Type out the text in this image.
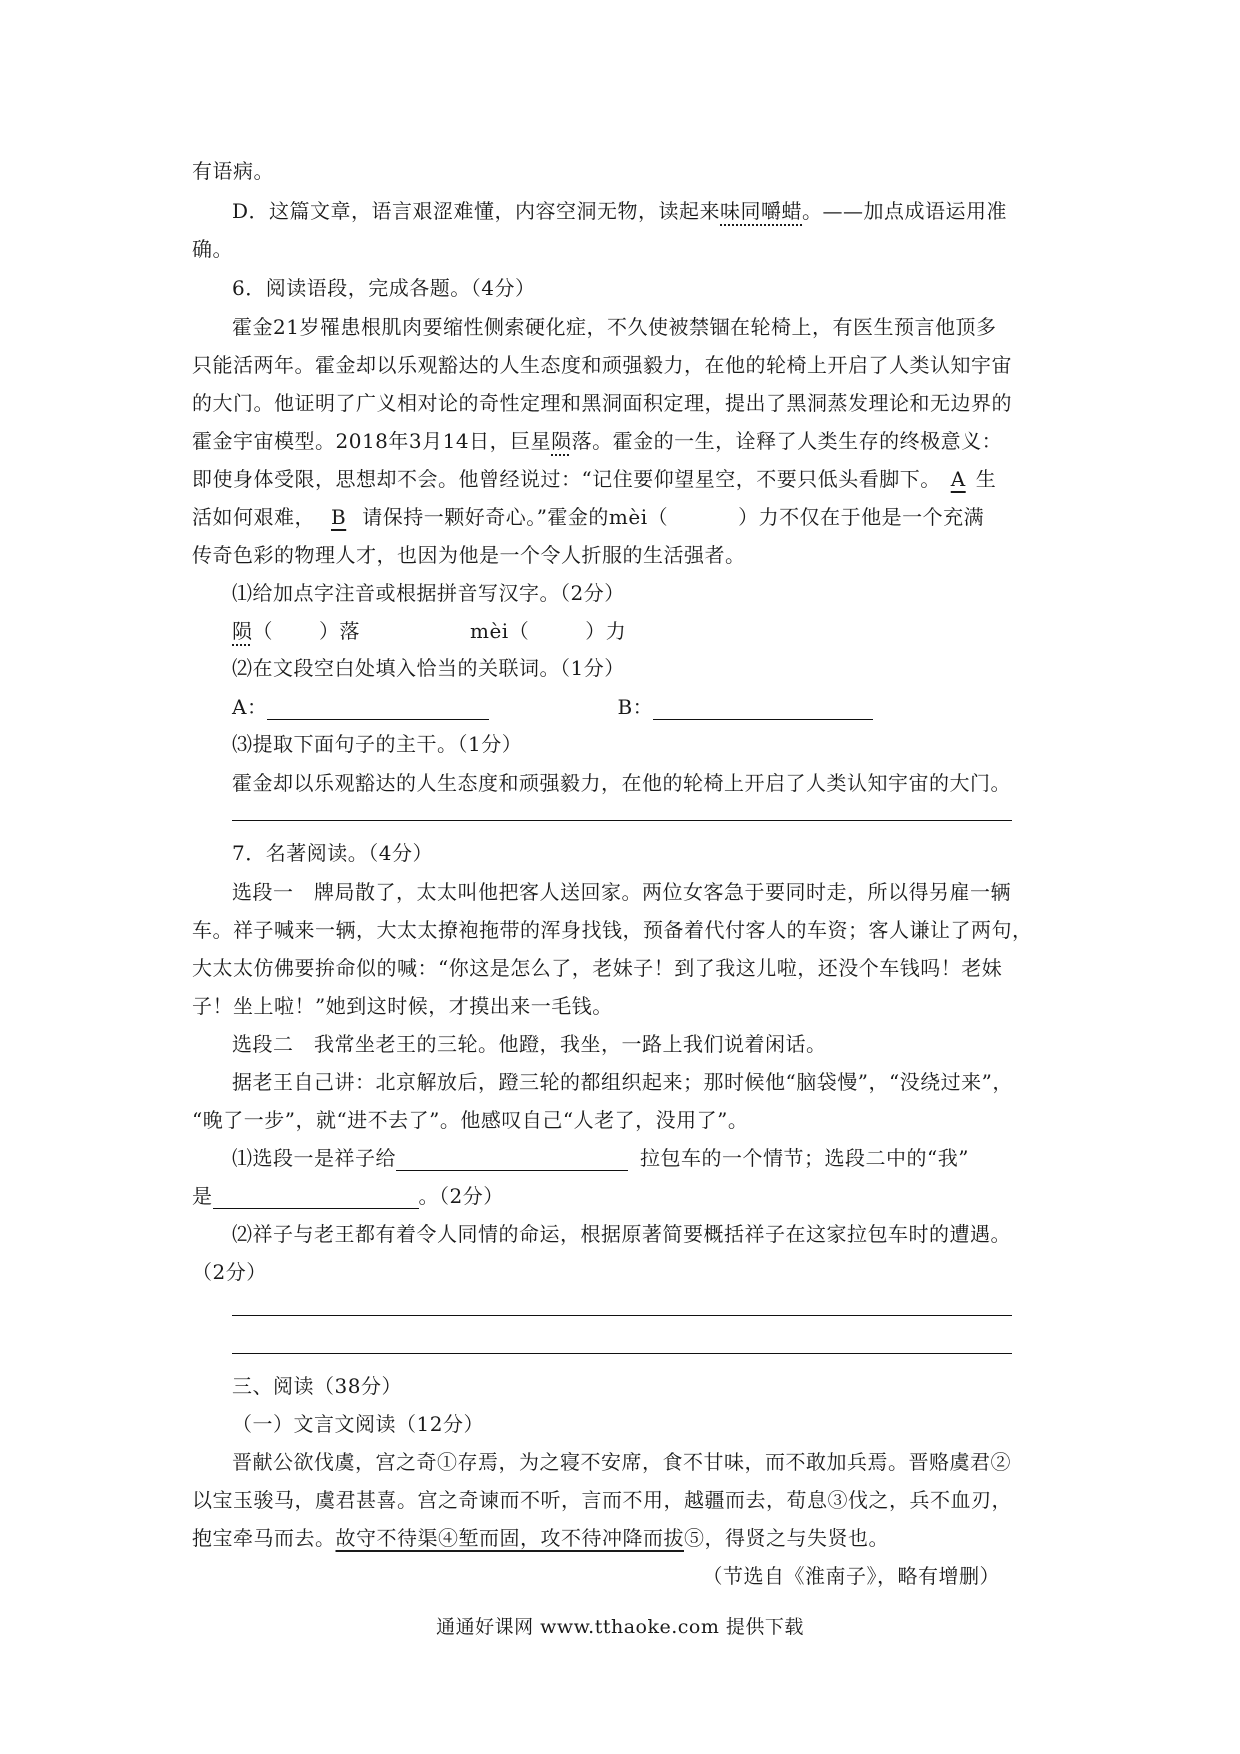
有语病。
D．这篇文章，语言艰涩难懂，内容空洞无物，读起来味同嚼蜡。——加点成语运用准
确。
6．阅读语段，完成各题。（4分）
霍金21岁罹患根肌肉要缩性侧索硬化症，不久使被禁锢在轮椅上，有医生预言他顶多
只能活两年。霍金却以乐观豁达的人生态度和顽强毅力，在他的轮椅上开启了人类认知宇宙
的大门。他证明了广义相对论的奇性定理和黑洞面积定理，提出了黑洞蒸发理论和无边界的
霍金宇宙模型。2018年3月14日，巨星陨落。霍金的一生，诠释了人类生存的终极意义：
即使身体受限，思想却不会。他曾经说过：“记住要仰望星空，不要只低头看脚下。 A 生
活如何艰难， B 请保持一颗好奇心。”霍金的mèi（	）力不仅在于他是一个充满
传奇色彩的物理人才，也因为他是一个令人折服的生活强者。
⑴给加点字注音或根据拼音写汉字。（2分）
陨（ ）落	mèi（	）力
⑵在文段空白处填入恰当的关联词。（1分）
A：	B：
⑶提取下面句子的主干。（1分）
霍金却以乐观豁达的人生态度和顽强毅力，在他的轮椅上开启了人类认知宇宙的大门。
7．名著阅读。（4分）
选段一　牌局散了，太太叫他把客人送回家。两位女客急于要同时走，所以得另雇一辆
车。祥子喊来一辆，大太太撩袍拖带的浑身找钱，预备着代付客人的车资；客人谦让了两句，
大太太仿佛要拚命似的喊：“你这是怎么了，老妹子！到了我这儿啦，还没个车钱吗！老妹
子！坐上啦！”她到这时候，才摸出来一毛钱。
选段二　我常坐老王的三轮。他蹬，我坐，一路上我们说着闲话。
据老王自己讲：北京解放后，蹬三轮的都组织起来；那时候他“脑袋慢”，“没绕过来”，
“晚了一步”，就“进不去了”。他感叹自己“人老了，没用了”。
⑴选段一是祥子给	拉包车的一个情节；选段二中的“我”
是	。（2分）
⑵祥子与老王都有着令人同情的命运，根据原著简要概括祥子在这家拉包车时的遭遇。
（2分）
三、阅读（38分）
（一）文言文阅读（12分）
晋献公欲伐虞，宫之奇①存焉，为之寝不安席，食不甘味，而不敢加兵焉。晋赂虞君②
以宝玉骏马，虞君甚喜。宫之奇谏而不听，言而不用，越疆而去，荀息③伐之，兵不血刃，
抱宝牵马而去。故守不待渠④堑而固，攻不待冲降而拔⑤，得贤之与失贤也。
（节选自《淮南子》，略有增删）
通通好课网 www.tthaoke.com 提供下载
